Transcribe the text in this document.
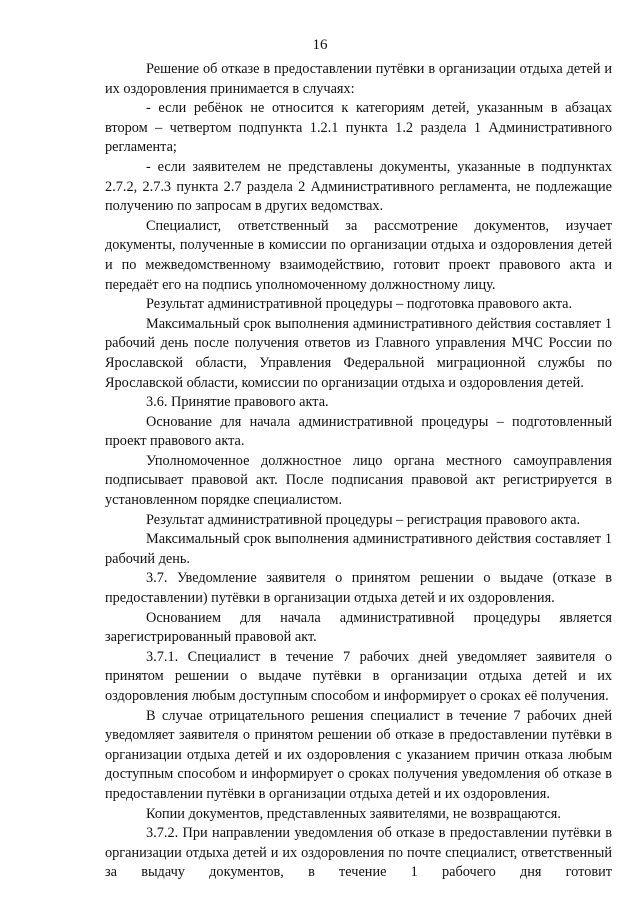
16

Решение об отказе в предоставлении путёвки в организации отдыха детей и их оздоровления принимается в случаях:

- если ребёнок не относится к категориям детей, указанным в абзацах втором – четвертом подпункта 1.2.1 пункта 1.2 раздела 1 Административного регламента;

- если заявителем не представлены документы, указанные в подпунктах 2.7.2, 2.7.3 пункта 2.7 раздела 2 Административного регламента, не подлежащие получению по запросам в других ведомствах.

Специалист, ответственный за рассмотрение документов, изучает документы, полученные в комиссии по организации отдыха и оздоровления детей и по межведомственному взаимодействию, готовит проект правового акта и передаёт его на подпись уполномоченному должностному лицу.

Результат административной процедуры – подготовка правового акта.

Максимальный срок выполнения административного действия составляет 1 рабочий день после получения ответов из Главного управления МЧС России по Ярославской области, Управления Федеральной миграционной службы по Ярославской области, комиссии по организации отдыха и оздоровления детей.

3.6. Принятие правового акта.

Основание для начала административной процедуры – подготовленный проект правового акта.

Уполномоченное должностное лицо органа местного самоуправления подписывает правовой акт. После подписания правовой акт регистрируется в установленном порядке специалистом.

Результат административной процедуры – регистрация правового акта.

Максимальный срок выполнения административного действия составляет 1 рабочий день.

3.7. Уведомление заявителя о принятом решении о выдаче (отказе в предоставлении) путёвки в организации отдыха детей и их оздоровления.

Основанием для начала административной процедуры является зарегистрированный правовой акт.

3.7.1. Специалист в течение 7 рабочих дней уведомляет заявителя о принятом решении о выдаче путёвки в организации отдыха детей и их оздоровления любым доступным способом и информирует о сроках её получения.

В случае отрицательного решения специалист в течение 7 рабочих дней уведомляет заявителя о принятом решении об отказе в предоставлении путёвки в организации отдыха детей и их оздоровления с указанием причин отказа любым доступным способом и информирует о сроках получения уведомления об отказе в предоставлении путёвки в организации отдыха детей и их оздоровления.

Копии документов, представленных заявителями, не возвращаются.

3.7.2. При направлении уведомления об отказе в предоставлении путёвки в организации отдыха детей и их оздоровления по почте специалист, ответственный за выдачу документов, в течение 1 рабочего дня готовит
